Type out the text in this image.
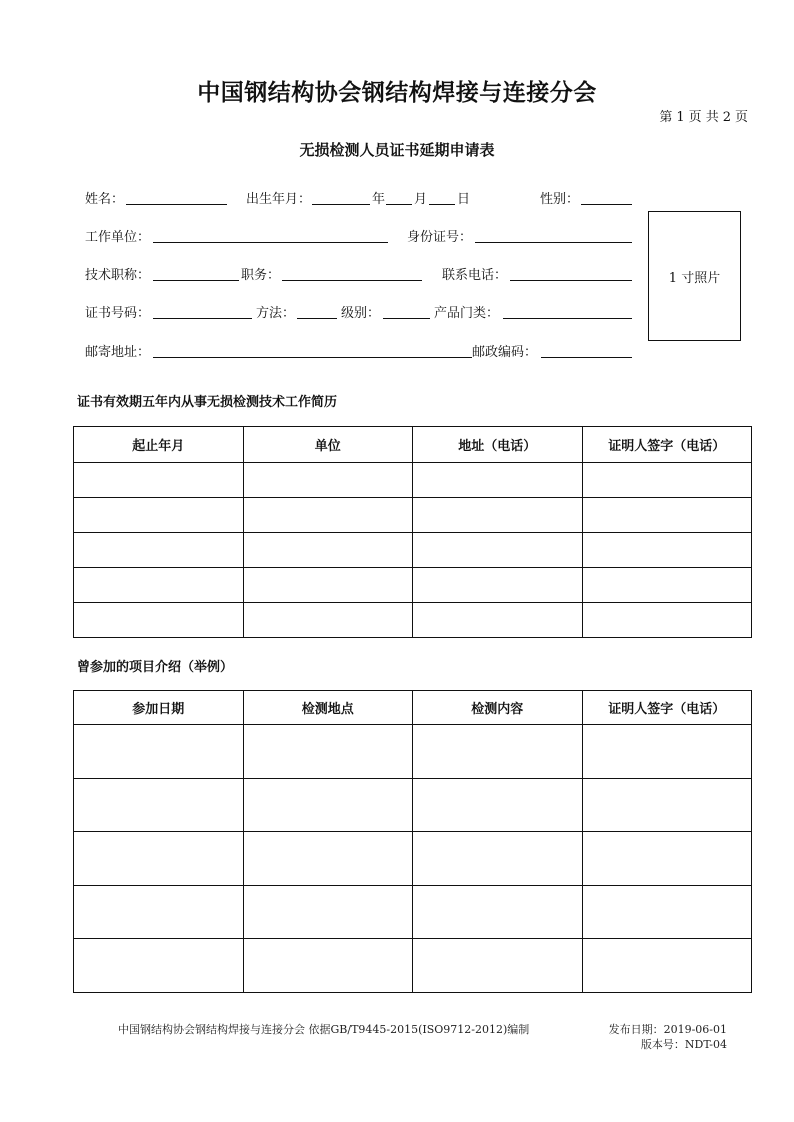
中国钢结构协会钢结构焊接与连接分会
第 1 页 共 2 页
无损检测人员证书延期申请表
姓名：	出生年月：	年 月 日	性别：
工作单位：	身份证号：
技术职称：	职务：	联系电话：
证书号码：	方法：	级别：	产品门类：
邮寄地址：	邮政编码：
1 寸照片
证书有效期五年内从事无损检测技术工作简历
起止年月	单位	地址（电话）	证明人签字（电话）

曾参加的项目介绍（举例）
参加日期	检测地点	检测内容	证明人签字（电话）

中国钢结构协会钢结构焊接与连接分会 依据GB/T9445-2015(ISO9712-2012)编制	发布日期：2019-06-01
版本号：NDT-04
